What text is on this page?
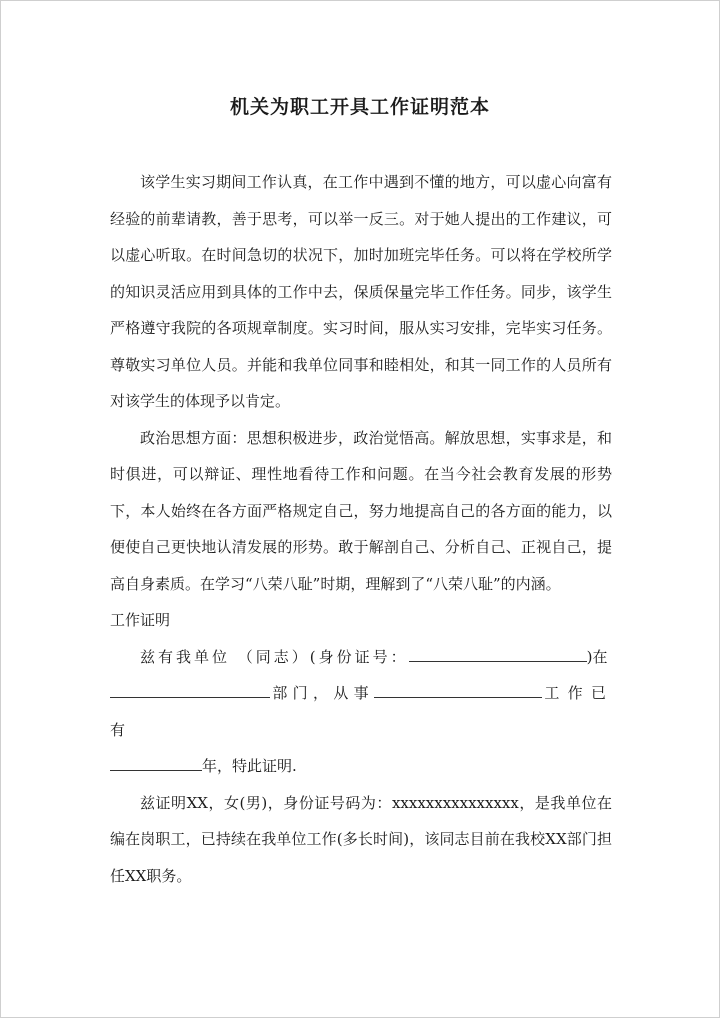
机关为职工开具工作证明范本

该学生实习期间工作认真，在工作中遇到不懂的地方，可以虚心向富有经验的前辈请教，善于思考，可以举一反三。对于她人提出的工作建议，可以虚心听取。在时间急切的状况下，加时加班完毕任务。可以将在学校所学的知识灵活应用到具体的工作中去，保质保量完毕工作任务。同步，该学生严格遵守我院的各项规章制度。实习时间，服从实习安排，完毕实习任务。尊敬实习单位人员。并能和我单位同事和睦相处，和其一同工作的人员所有对该学生的体现予以肯定。

政治思想方面：思想积极进步，政治觉悟高。解放思想，实事求是，和时俱进，可以辩证、理性地看待工作和问题。在当今社会教育发展的形势下，本人始终在各方面严格规定自己，努力地提高自己的各方面的能力，以便使自己更快地认清发展的形势。敢于解剖自己、分析自己、正视自己，提高自身素质。在学习“八荣八耻”时期，理解到了“八荣八耻”的内涵。

工作证明

兹有我单位 （同志）(身份证号：	)在
部门，从事	工作已有
年，特此证明.

兹证明XX，女(男)，身份证号码为：xxxxxxxxxxxxxxx，是我单位在编在岗职工，已持续在我单位工作(多长时间)，该同志目前在我校XX部门担任XX职务。
